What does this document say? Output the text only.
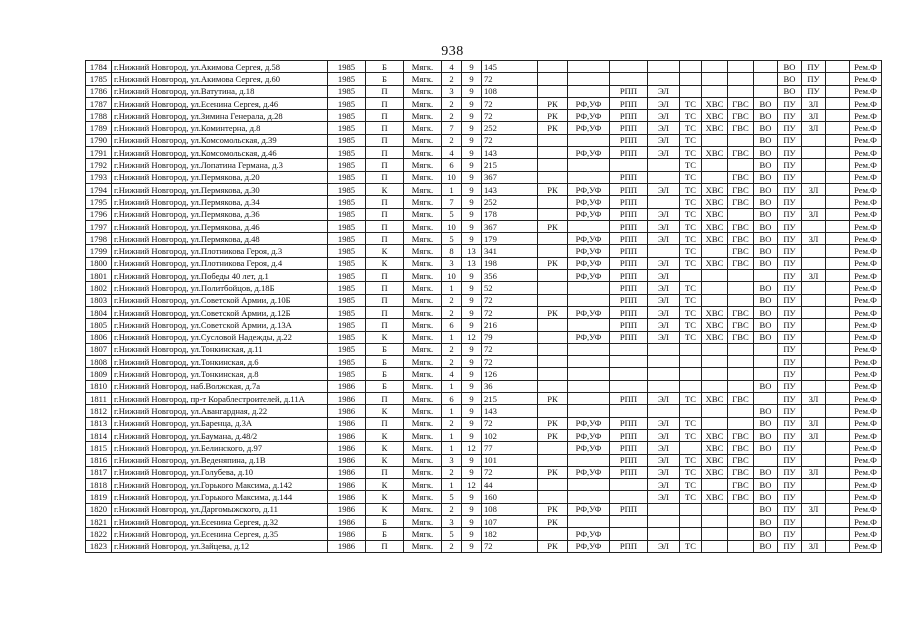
938
1784	г.Нижний Новгород, ул.Акимова Сергея, д.58	1985	Б	Мягк.	4	9	145									ВО	ПУ		Рем.Ф
1785	г.Нижний Новгород, ул.Акимова Сергея, д.60	1985	Б	Мягк.	2	9	72									ВО	ПУ		Рем.Ф
1786	г.Нижний Новгород, ул.Ватутина, д.18	1985	П	Мягк.	3	9	108			РПП	ЭЛ					ВО	ПУ		Рем.Ф
1787	г.Нижний Новгород, ул.Есенина Сергея, д.46	1985	П	Мягк.	2	9	72	РК	РФ,УФ	РПП	ЭЛ	ТС	ХВС	ГВС	ВО	ПУ	ЗЛ		Рем.Ф
1788	г.Нижний Новгород, ул.Зимина Генерала, д.28	1985	П	Мягк.	2	9	72	РК	РФ,УФ	РПП	ЭЛ	ТС	ХВС	ГВС	ВО	ПУ	ЗЛ		Рем.Ф
1789	г.Нижний Новгород, ул.Коминтерна, д.8	1985	П	Мягк.	7	9	252	РК	РФ,УФ	РПП	ЭЛ	ТС	ХВС	ГВС	ВО	ПУ	ЗЛ		Рем.Ф
1790	г.Нижний Новгород, ул.Комсомольская, д.39	1985	П	Мягк.	2	9	72			РПП	ЭЛ	ТС			ВО	ПУ			Рем.Ф
1791	г.Нижний Новгород, ул.Комсомольская, д.46	1985	П	Мягк.	4	9	143		РФ,УФ	РПП	ЭЛ	ТС	ХВС	ГВС	ВО	ПУ			Рем.Ф
1792	г.Нижний Новгород, ул.Лопатина Германа, д.3	1985	П	Мягк.	6	9	215					ТС			ВО	ПУ			Рем.Ф
1793	г.Нижний Новгород, ул.Пермякова, д.20	1985	П	Мягк.	10	9	367			РПП		ТС		ГВС	ВО	ПУ			Рем.Ф
1794	г.Нижний Новгород, ул.Пермякова, д.30	1985	К	Мягк.	1	9	143	РК	РФ,УФ	РПП	ЭЛ	ТС	ХВС	ГВС	ВО	ПУ	ЗЛ		Рем.Ф
1795	г.Нижний Новгород, ул.Пермякова, д.34	1985	П	Мягк.	7	9	252		РФ,УФ	РПП		ТС	ХВС	ГВС	ВО	ПУ			Рем.Ф
1796	г.Нижний Новгород, ул.Пермякова, д.36	1985	П	Мягк.	5	9	178		РФ,УФ	РПП	ЭЛ	ТС	ХВС		ВО	ПУ	ЗЛ		Рем.Ф
1797	г.Нижний Новгород, ул.Пермякова, д.46	1985	П	Мягк.	10	9	367	РК		РПП	ЭЛ	ТС	ХВС	ГВС	ВО	ПУ			Рем.Ф
1798	г.Нижний Новгород, ул.Пермякова, д.48	1985	П	Мягк.	5	9	179		РФ,УФ	РПП	ЭЛ	ТС	ХВС	ГВС	ВО	ПУ	ЗЛ		Рем.Ф
1799	г.Нижний Новгород, ул.Плотникова Героя, д.3	1985	К	Мягк.	8	13	341		РФ,УФ	РПП		ТС		ГВС	ВО	ПУ			Рем.Ф
1800	г.Нижний Новгород, ул.Плотникова Героя, д.4	1985	К	Мягк.	3	13	198	РК	РФ,УФ	РПП	ЭЛ	ТС	ХВС	ГВС	ВО	ПУ			Рем.Ф
1801	г.Нижний Новгород, ул.Победы 40 лет, д.1	1985	П	Мягк.	10	9	356		РФ,УФ	РПП	ЭЛ					ПУ	ЗЛ		Рем.Ф
1802	г.Нижний Новгород, ул.Политбойцов, д.18Б	1985	П	Мягк.	1	9	52			РПП	ЭЛ	ТС			ВО	ПУ			Рем.Ф
1803	г.Нижний Новгород, ул.Советской Армии, д.10Б	1985	П	Мягк.	2	9	72			РПП	ЭЛ	ТС			ВО	ПУ			Рем.Ф
1804	г.Нижний Новгород, ул.Советской Армии, д.12Б	1985	П	Мягк.	2	9	72	РК	РФ,УФ	РПП	ЭЛ	ТС	ХВС	ГВС	ВО	ПУ			Рем.Ф
1805	г.Нижний Новгород, ул.Советской Армии, д.13А	1985	П	Мягк.	6	9	216			РПП	ЭЛ	ТС	ХВС	ГВС	ВО	ПУ			Рем.Ф
1806	г.Нижний Новгород, ул.Сусловой Надежды, д.22	1985	К	Мягк.	1	12	79		РФ,УФ	РПП	ЭЛ	ТС	ХВС	ГВС	ВО	ПУ			Рем.Ф
1807	г.Нижний Новгород, ул.Тонкинская, д.11	1985	Б	Мягк.	2	9	72									ПУ			Рем.Ф
1808	г.Нижний Новгород, ул.Тонкинская, д.6	1985	Б	Мягк.	2	9	72									ПУ			Рем.Ф
1809	г.Нижний Новгород, ул.Тонкинская, д.8	1985	Б	Мягк.	4	9	126									ПУ			Рем.Ф
1810	г.Нижний Новгород, наб.Волжская, д.7а	1986	Б	Мягк.	1	9	36								ВО	ПУ			Рем.Ф
1811	г.Нижний Новгород, пр-т Кораблестроителей, д.11А	1986	П	Мягк.	6	9	215	РК		РПП	ЭЛ	ТС	ХВС	ГВС		ПУ	ЗЛ		Рем.Ф
1812	г.Нижний Новгород, ул.Авангардная, д.22	1986	К	Мягк.	1	9	143								ВО	ПУ			Рем.Ф
1813	г.Нижний Новгород, ул.Баренца, д.3А	1986	П	Мягк.	2	9	72	РК	РФ,УФ	РПП	ЭЛ	ТС			ВО	ПУ	ЗЛ		Рем.Ф
1814	г.Нижний Новгород, ул.Баумана, д.48/2	1986	К	Мягк.	1	9	102	РК	РФ,УФ	РПП	ЭЛ	ТС	ХВС	ГВС	ВО	ПУ	ЗЛ		Рем.Ф
1815	г.Нижний Новгород, ул.Белинского, д.97	1986	К	Мягк.	1	12	77		РФ,УФ	РПП	ЭЛ		ХВС	ГВС	ВО	ПУ			Рем.Ф
1816	г.Нижний Новгород, ул.Веденяпина, д.1В	1986	К	Мягк.	3	9	101			РПП	ЭЛ	ТС	ХВС	ГВС		ПУ			Рем.Ф
1817	г.Нижний Новгород, ул.Голубева, д.10	1986	П	Мягк.	2	9	72	РК	РФ,УФ	РПП	ЭЛ	ТС	ХВС	ГВС	ВО	ПУ	ЗЛ		Рем.Ф
1818	г.Нижний Новгород, ул.Горького Максима, д.142	1986	К	Мягк.	1	12	44				ЭЛ	ТС		ГВС	ВО	ПУ			Рем.Ф
1819	г.Нижний Новгород, ул.Горького Максима, д.144	1986	К	Мягк.	5	9	160				ЭЛ	ТС	ХВС	ГВС	ВО	ПУ			Рем.Ф
1820	г.Нижний Новгород, ул.Даргомыжского, д.11	1986	К	Мягк.	2	9	108	РК	РФ,УФ	РПП					ВО	ПУ	ЗЛ		Рем.Ф
1821	г.Нижний Новгород, ул.Есенина Сергея, д.32	1986	Б	Мягк.	3	9	107	РК							ВО	ПУ			Рем.Ф
1822	г.Нижний Новгород, ул.Есенина Сергея, д.35	1986	Б	Мягк.	5	9	182		РФ,УФ						ВО	ПУ			Рем.Ф
1823	г.Нижний Новгород, ул.Зайцева, д.12	1986	П	Мягк.	2	9	72	РК	РФ,УФ	РПП	ЭЛ	ТС			ВО	ПУ	ЗЛ		Рем.Ф
